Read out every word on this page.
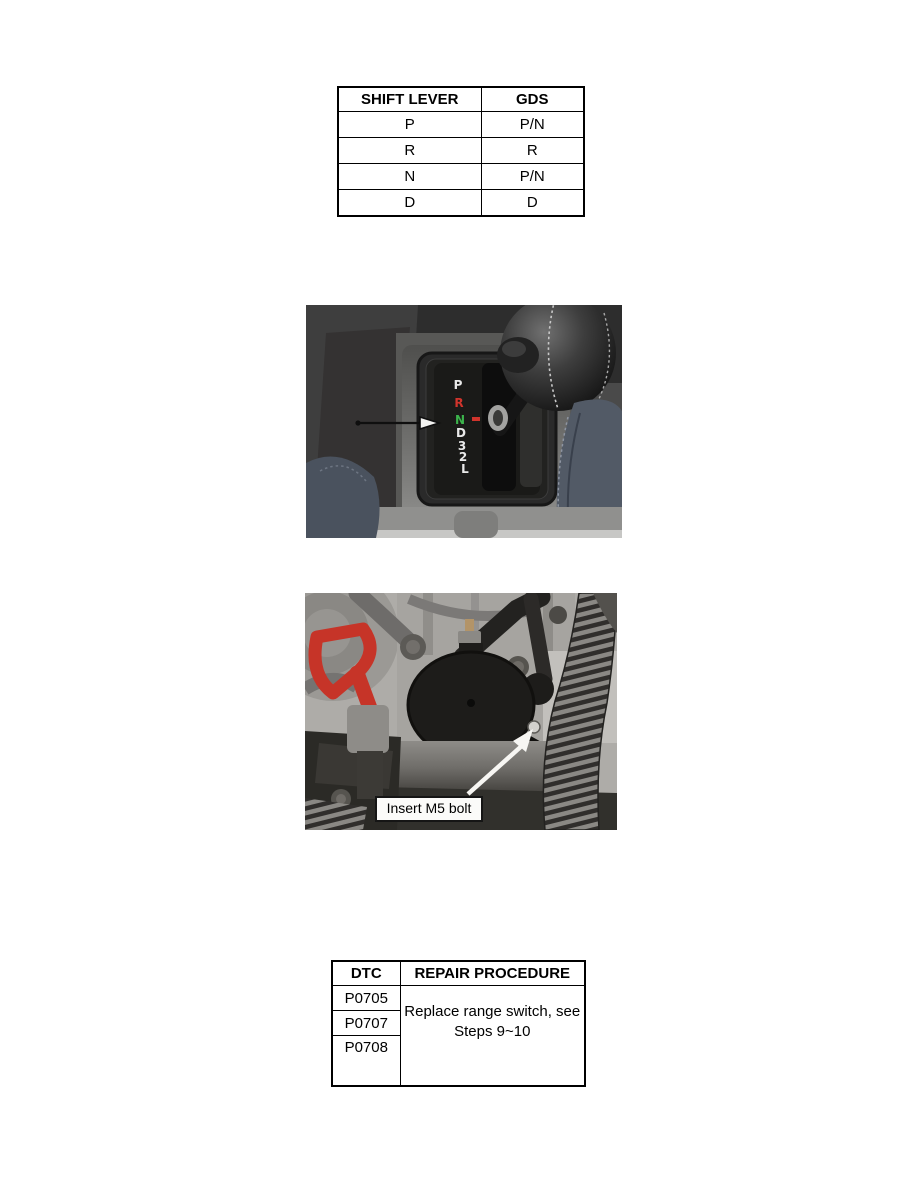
SHIFT LEVER	GDS
P	P/N
R	R
N	P/N
D	D
P
R
N
D
3
2
L
Insert M5 bolt
DTC	REPAIR PROCEDURE
P0705	Replace range switch, see Steps 9~10
P0707	
P0708	
